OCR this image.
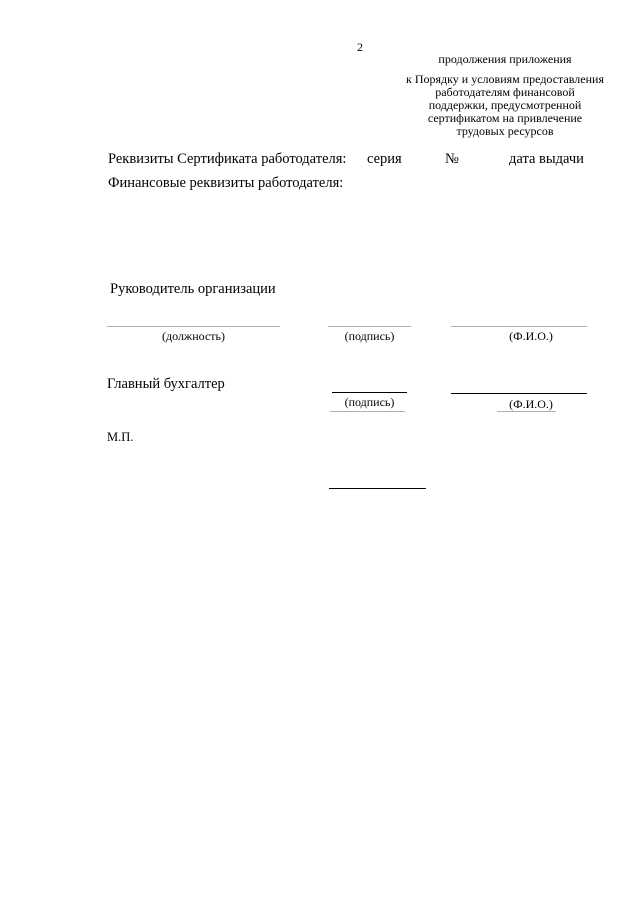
2
продолжения приложения
к Порядку и условиям предоставления
работодателям финансовой
поддержки, предусмотренной
сертификатом на привлечение
трудовых ресурсов
Реквизиты Сертификата работодателя: серия	№	дата выдачи
Финансовые реквизиты работодателя:
Руководитель организации
(должность)	(подпись)	(Ф.И.О.)
Главный бухгалтер
(подпись)	(Ф.И.О.)
М.П.
